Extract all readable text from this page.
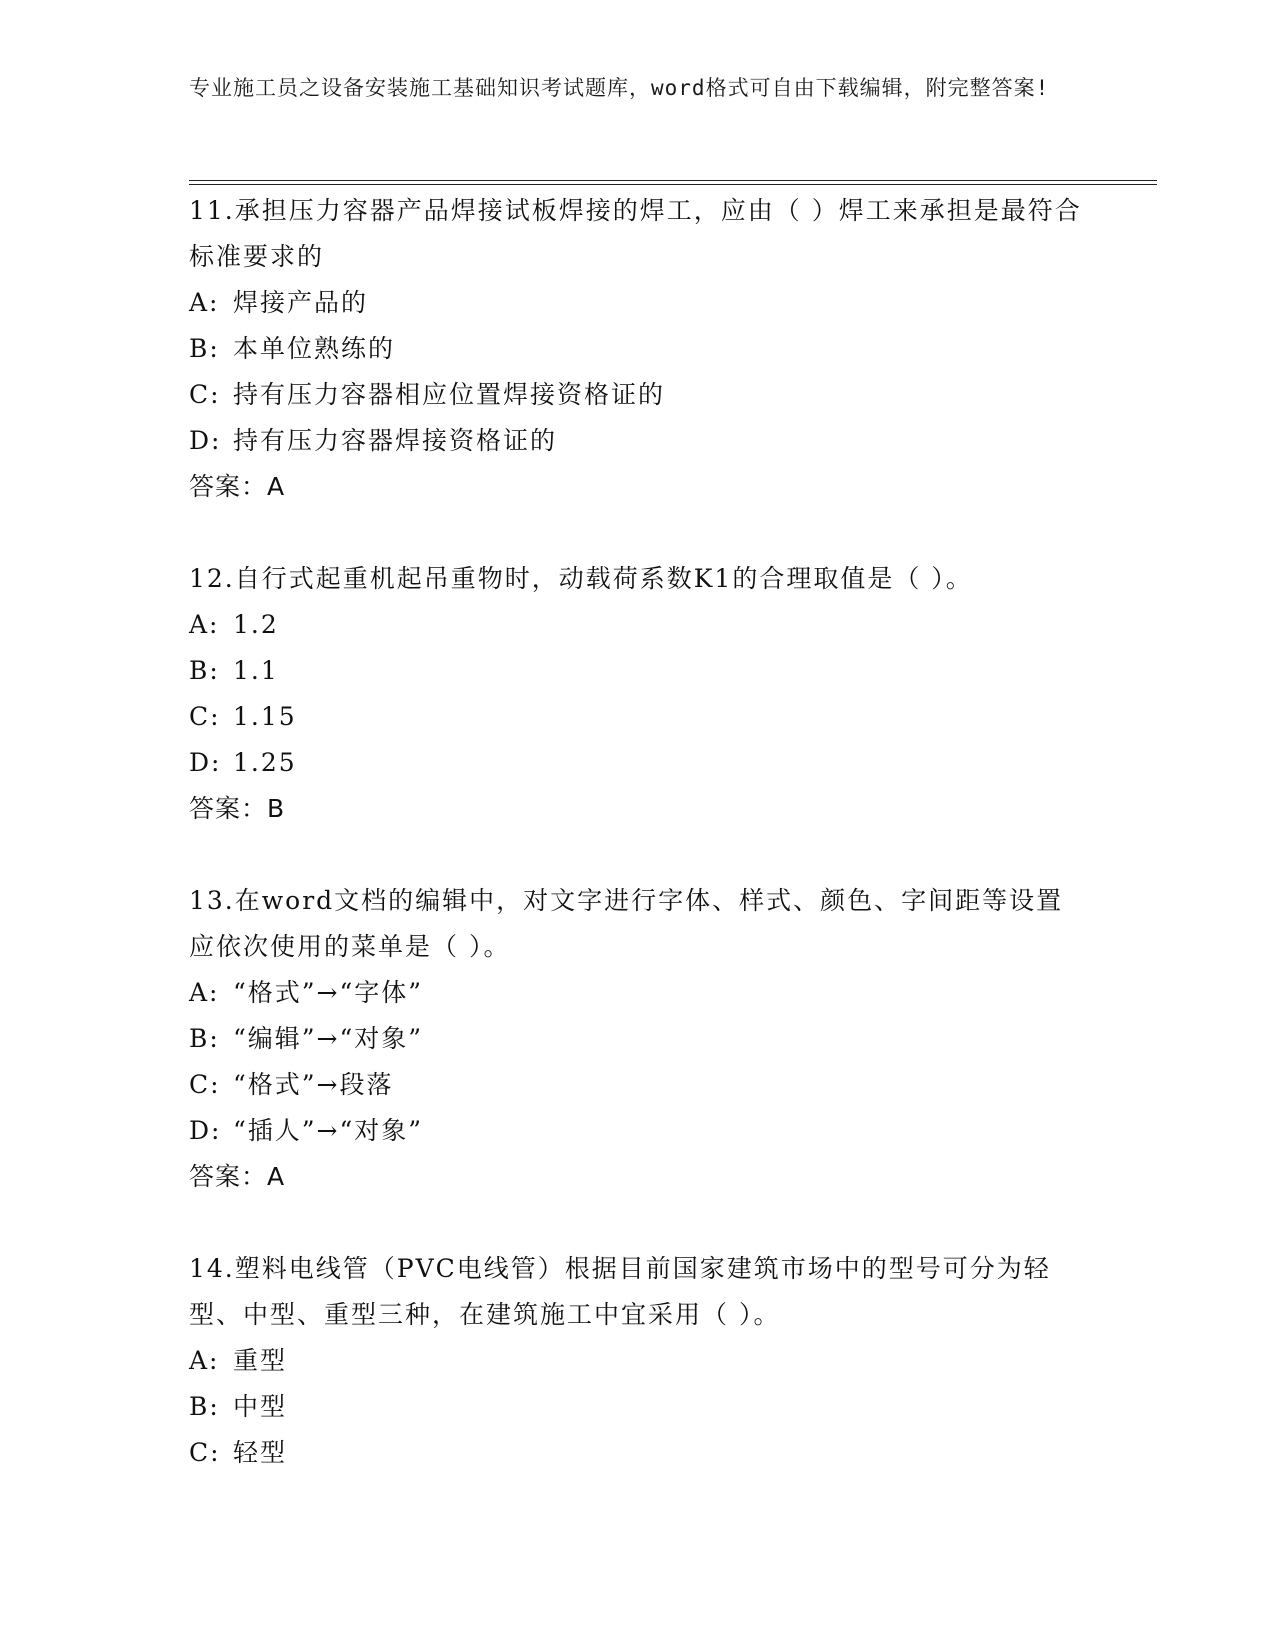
专业施工员之设备安装施工基础知识考试题库，word格式可自由下载编辑，附完整答案!

11.承担压力容器产品焊接试板焊接的焊工，应由（ ）焊工来承担是最符合标准要求的

A: 焊接产品的

B: 本单位熟练的

C: 持有压力容器相应位置焊接资格证的

D: 持有压力容器焊接资格证的

答案：A

12.自行式起重机起吊重物时，动载荷系数K1的合理取值是（ ）。

A: 1.2

B: 1.1

C: 1.15

D: 1.25

答案：B

13.在word文档的编辑中，对文字进行字体、样式、颜色、字间距等设置应依次使用的菜单是（ ）。

A: “格式”→“字体”

B: “编辑”→“对象”

C: “格式”→段落

D: “插人”→“对象”

答案：A

14.塑料电线管（PVC电线管）根据目前国家建筑市场中的型号可分为轻型、中型、重型三种，在建筑施工中宜采用（ ）。

A: 重型

B: 中型

C: 轻型
